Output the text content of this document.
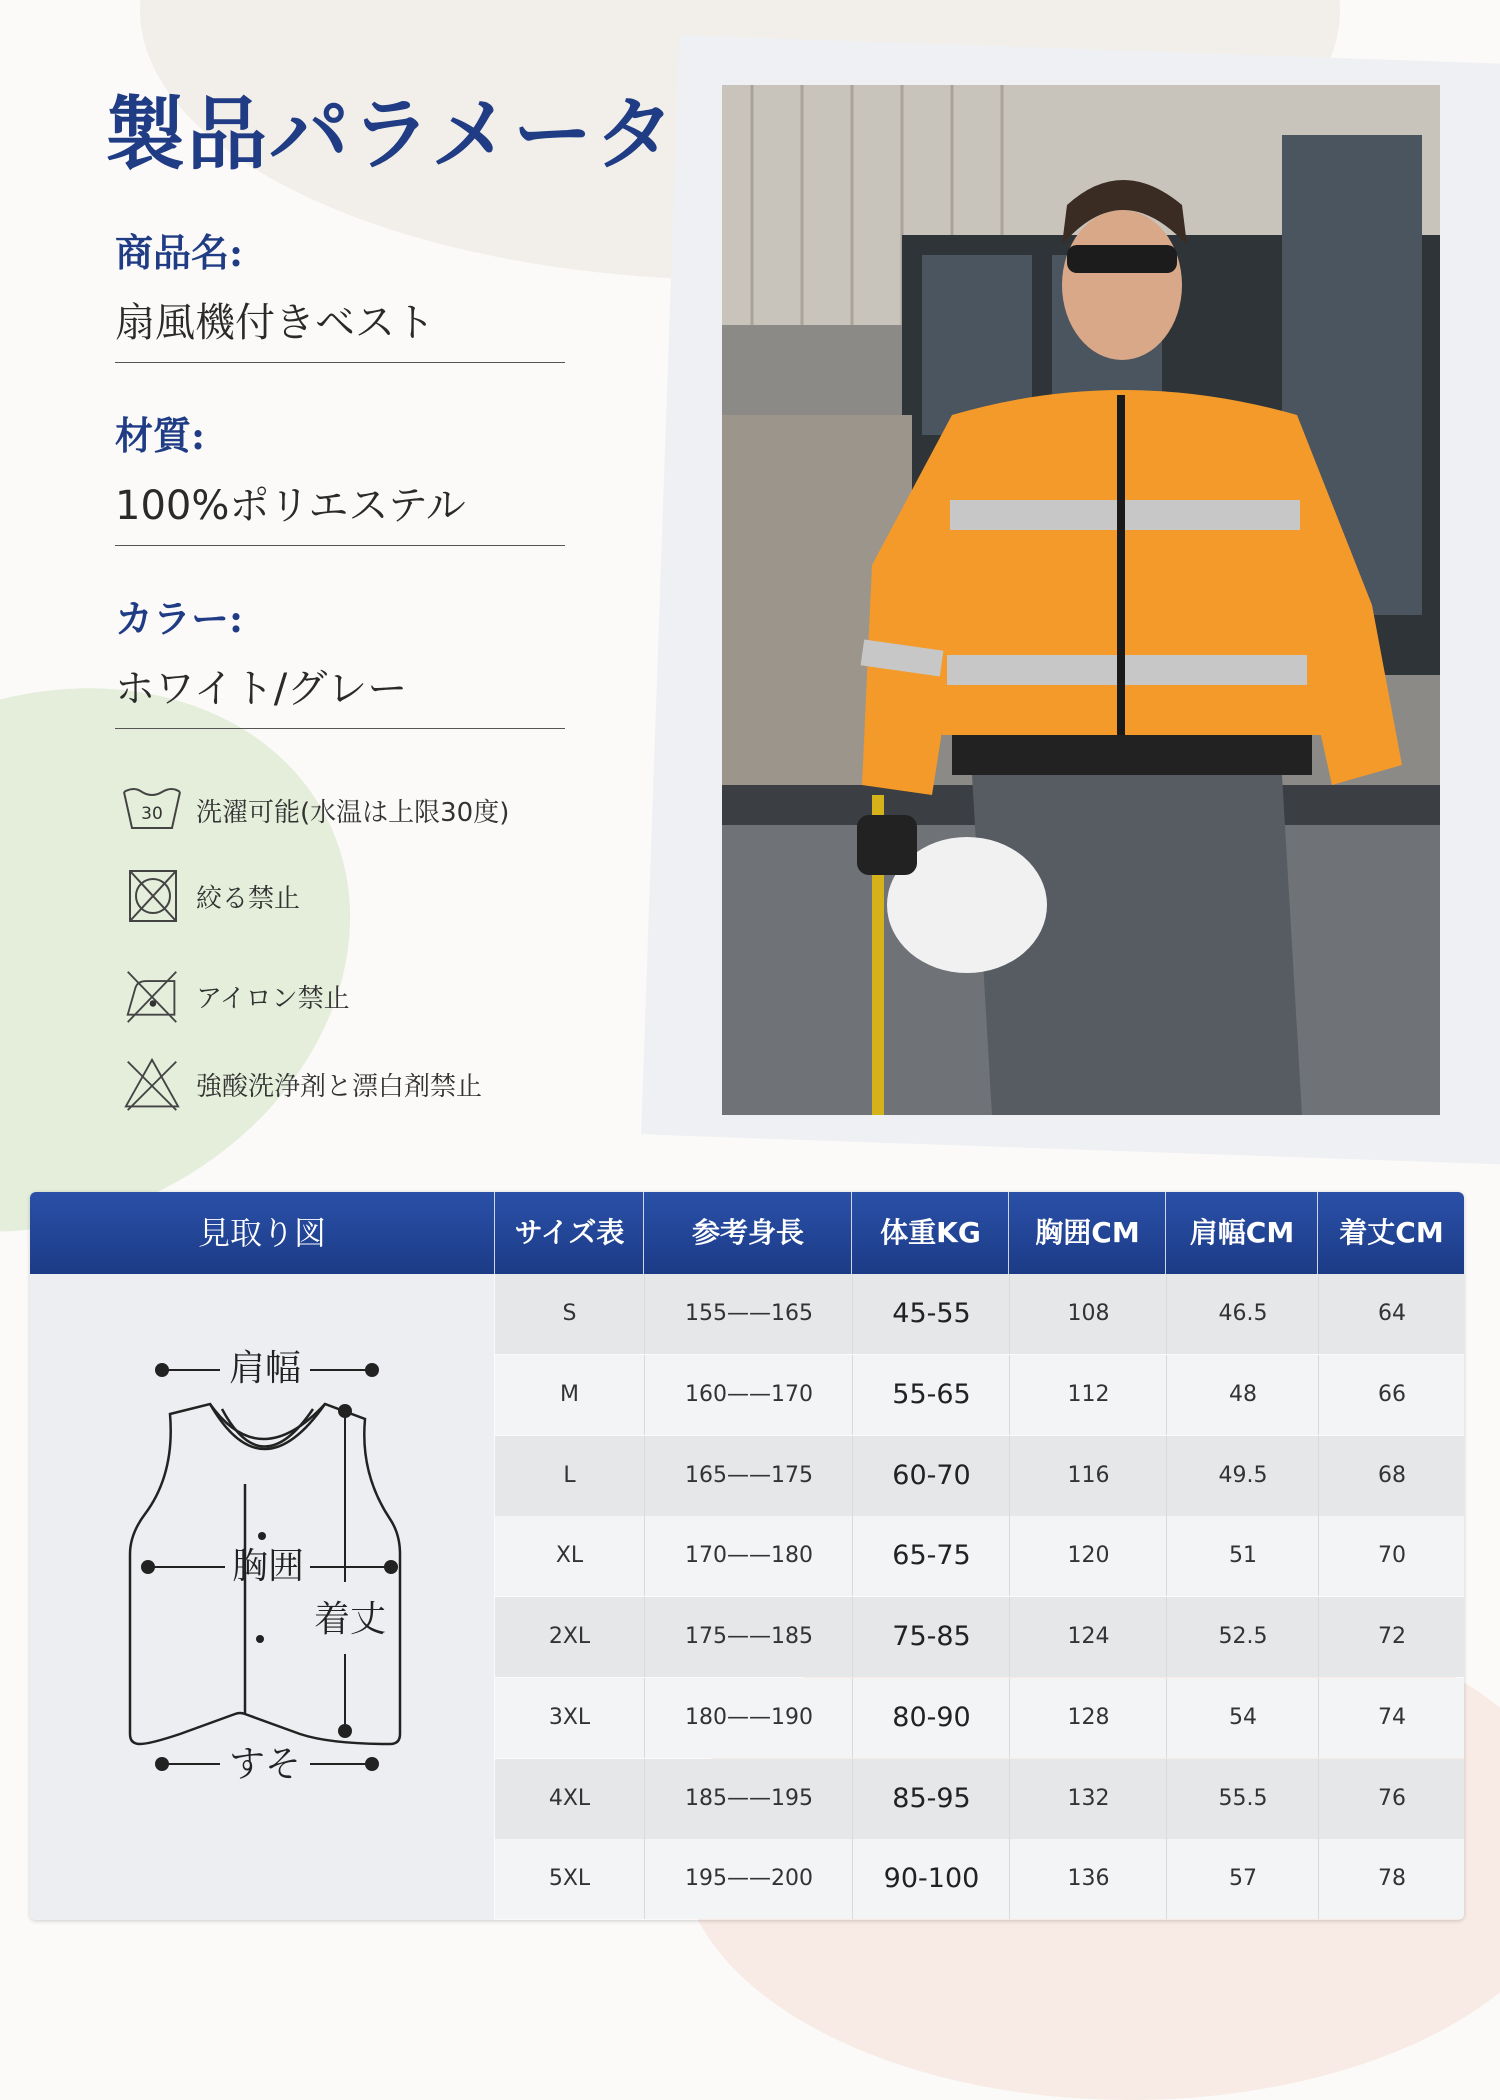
製品パラメータ
商品名:
扇風機付きベスト
材質:
100%ポリエステル
カラー:
ホワイト/グレー
30 洗濯可能(水温は上限30度)
絞る禁止
アイロン禁止
強酸洗浄剤と漂白剤禁止
見取り図	サイズ表	参考身長	体重KG	胸囲CM	肩幅CM	着丈CM
肩幅
胸囲
着丈
すそ
S	155——165	45-55	108	46.5	64
M	160——170	55-65	112	48	66
L	165——175	60-70	116	49.5	68
XL	170——180	65-75	120	51	70
2XL	175——185	75-85	124	52.5	72
3XL	180——190	80-90	128	54	74
4XL	185——195	85-95	132	55.5	76
5XL	195——200	90-100	136	57	78
